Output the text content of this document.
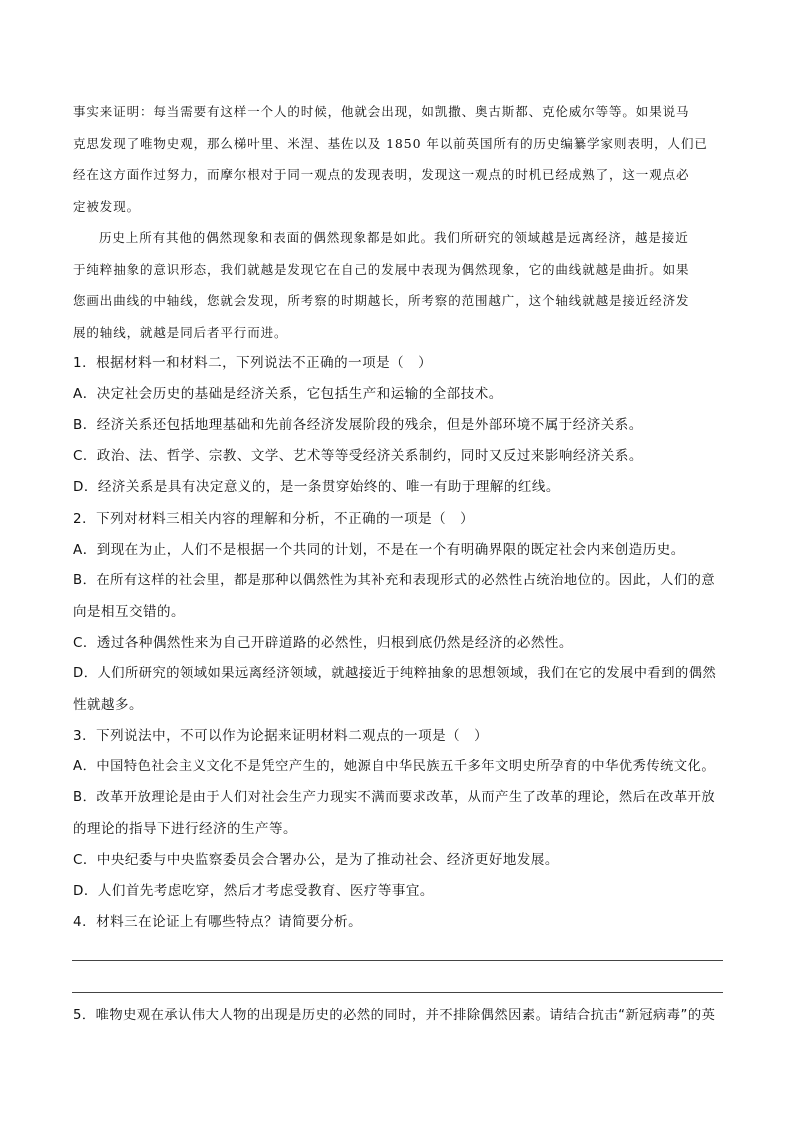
事实来证明：每当需要有这样一个人的时候，他就会出现，如凯撒、奥古斯都、克伦威尔等等。如果说马
克思发现了唯物史观，那么梯叶里、米涅、基佐以及 1850 年以前英国所有的历史编纂学家则表明，人们已
经在这方面作过努力，而摩尔根对于同一观点的发现表明，发现这一观点的时机已经成熟了，这一观点必
定被发现。
历史上所有其他的偶然现象和表面的偶然现象都是如此。我们所研究的领域越是远离经济，越是接近
于纯粹抽象的意识形态，我们就越是发现它在自己的发展中表现为偶然现象，它的曲线就越是曲折。如果
您画出曲线的中轴线，您就会发现，所考察的时期越长，所考察的范围越广，这个轴线就越是接近经济发
展的轴线，就越是同后者平行而进。
1．根据材料一和材料二，下列说法不正确的一项是（　）
A．决定社会历史的基础是经济关系，它包括生产和运输的全部技术。
B．经济关系还包括地理基础和先前各经济发展阶段的残余，但是外部环境不属于经济关系。
C．政治、法、哲学、宗教、文学、艺术等等受经济关系制约，同时又反过来影响经济关系。
D．经济关系是具有决定意义的，是一条贯穿始终的、唯一有助于理解的红线。
2．下列对材料三相关内容的理解和分析，不正确的一项是（　）
A．到现在为止，人们不是根据一个共同的计划，不是在一个有明确界限的既定社会内来创造历史。
B．在所有这样的社会里，都是那种以偶然性为其补充和表现形式的必然性占统治地位的。因此，人们的意
向是相互交错的。
C．透过各种偶然性来为自己开辟道路的必然性，归根到底仍然是经济的必然性。
D．人们所研究的领域如果远离经济领域，就越接近于纯粹抽象的思想领域，我们在它的发展中看到的偶然
性就越多。
3．下列说法中，不可以作为论据来证明材料二观点的一项是（　）
A．中国特色社会主义文化不是凭空产生的，她源自中华民族五千多年文明史所孕育的中华优秀传统文化。
B．改革开放理论是由于人们对社会生产力现实不满而要求改革，从而产生了改革的理论，然后在改革开放
的理论的指导下进行经济的生产等。
C．中央纪委与中央监察委员会合署办公，是为了推动社会、经济更好地发展。
D．人们首先考虑吃穿，然后才考虑受教育、医疗等事宜。
4．材料三在论证上有哪些特点？请简要分析。
5．唯物史观在承认伟大人物的出现是历史的必然的同时，并不排除偶然因素。请结合抗击“新冠病毒”的英
